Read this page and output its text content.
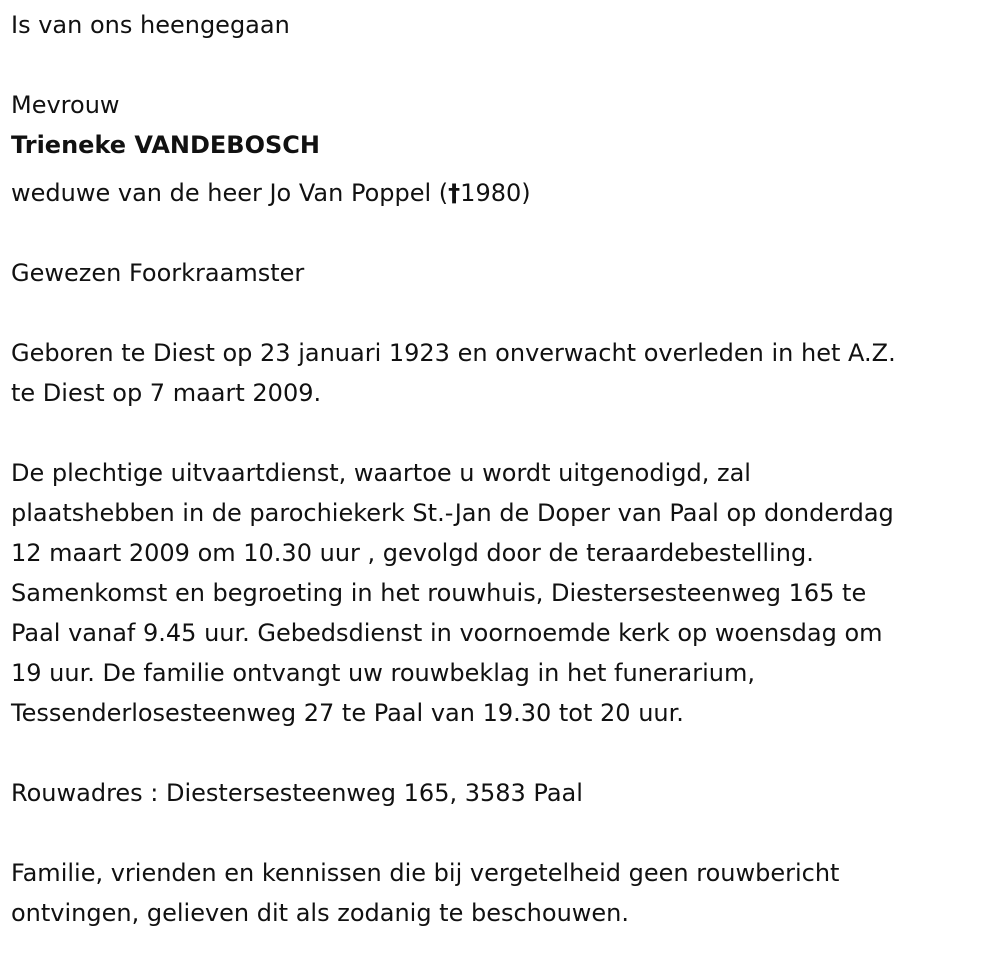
Is van ons heengegaan

Mevrouw

Trieneke VANDEBOSCH

weduwe van de heer Jo Van Poppel (†1980)

Gewezen Foorkraamster

Geboren te Diest op 23 januari 1923 en onverwacht overleden in het A.Z.

te Diest op 7 maart 2009.

De plechtige uitvaartdienst, waartoe u wordt uitgenodigd, zal

plaatshebben in de parochiekerk St.-Jan de Doper van Paal op donderdag

12 maart 2009 om 10.30 uur , gevolgd door de teraardebestelling.

Samenkomst en begroeting in het rouwhuis, Diestersesteenweg 165 te

Paal vanaf 9.45 uur. Gebedsdienst in voornoemde kerk op woensdag om

19 uur. De familie ontvangt uw rouwbeklag in het funerarium,

Tessenderlosesteenweg 27 te Paal van 19.30 tot 20 uur.

Rouwadres : Diestersesteenweg 165, 3583 Paal

Familie, vrienden en kennissen die bij vergetelheid geen rouwbericht

ontvingen, gelieven dit als zodanig te beschouwen.
